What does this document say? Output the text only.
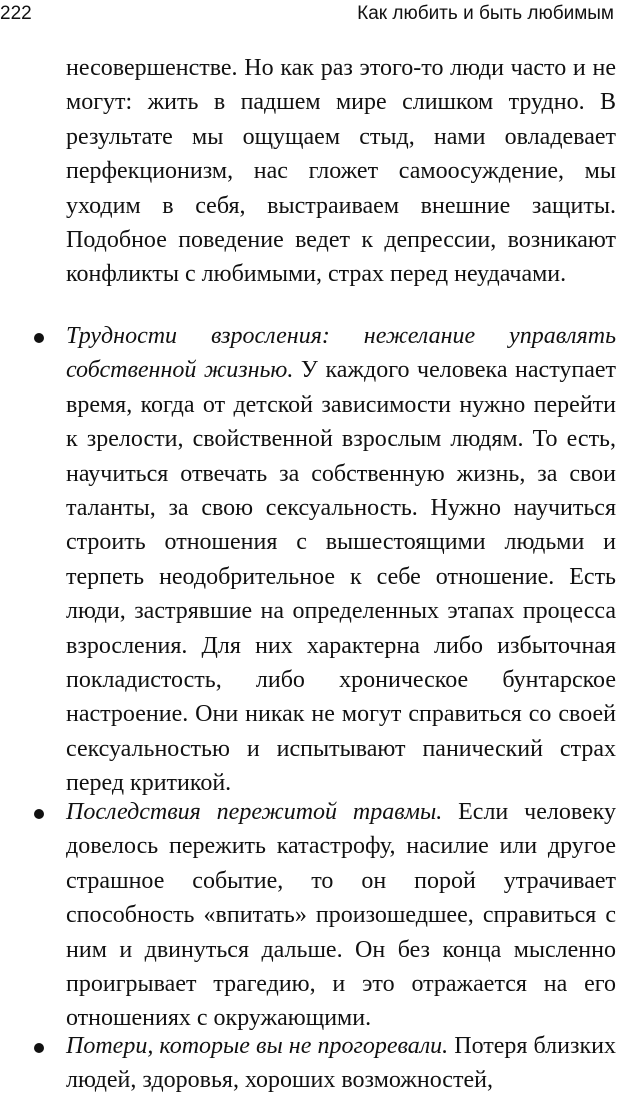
222	Как любить и быть любимым

несовершенстве. Но как раз этого-то люди часто и не могут: жить в падшем мире слишком трудно. В результате мы ощущаем стыд, нами овладевает перфекционизм, нас гложет самоосуждение, мы уходим в себя, выстраиваем внешние защиты. Подобное поведение ведет к депрессии, возникают конфликты с любимыми, страх перед неудачами.

Трудности взросления: нежелание управлять собственной жизнью. У каждого человека наступает время, когда от детской зависимости нужно перейти к зрелости, свойственной взрослым людям. То есть, научиться отвечать за собственную жизнь, за свои таланты, за свою сексуальность. Нужно научиться строить отношения с вышестоящими людьми и терпеть неодобрительное к себе отношение. Есть люди, застрявшие на определенных этапах процесса взросления. Для них характерна либо избыточная покладистость, либо хроническое бунтарское настроение. Они никак не могут справиться со своей сексуальностью и испытывают панический страх перед критикой.

Последствия пережитой травмы. Если человеку довелось пережить катастрофу, насилие или другое страшное событие, то он порой утрачивает способность «впитать» произошедшее, справиться с ним и двинуться дальше. Он без конца мысленно проигрывает трагедию, и это отражается на его отношениях с окружающими.

Потери, которые вы не прогоревали. Потеря близких людей, здоровья, хороших возможностей,
